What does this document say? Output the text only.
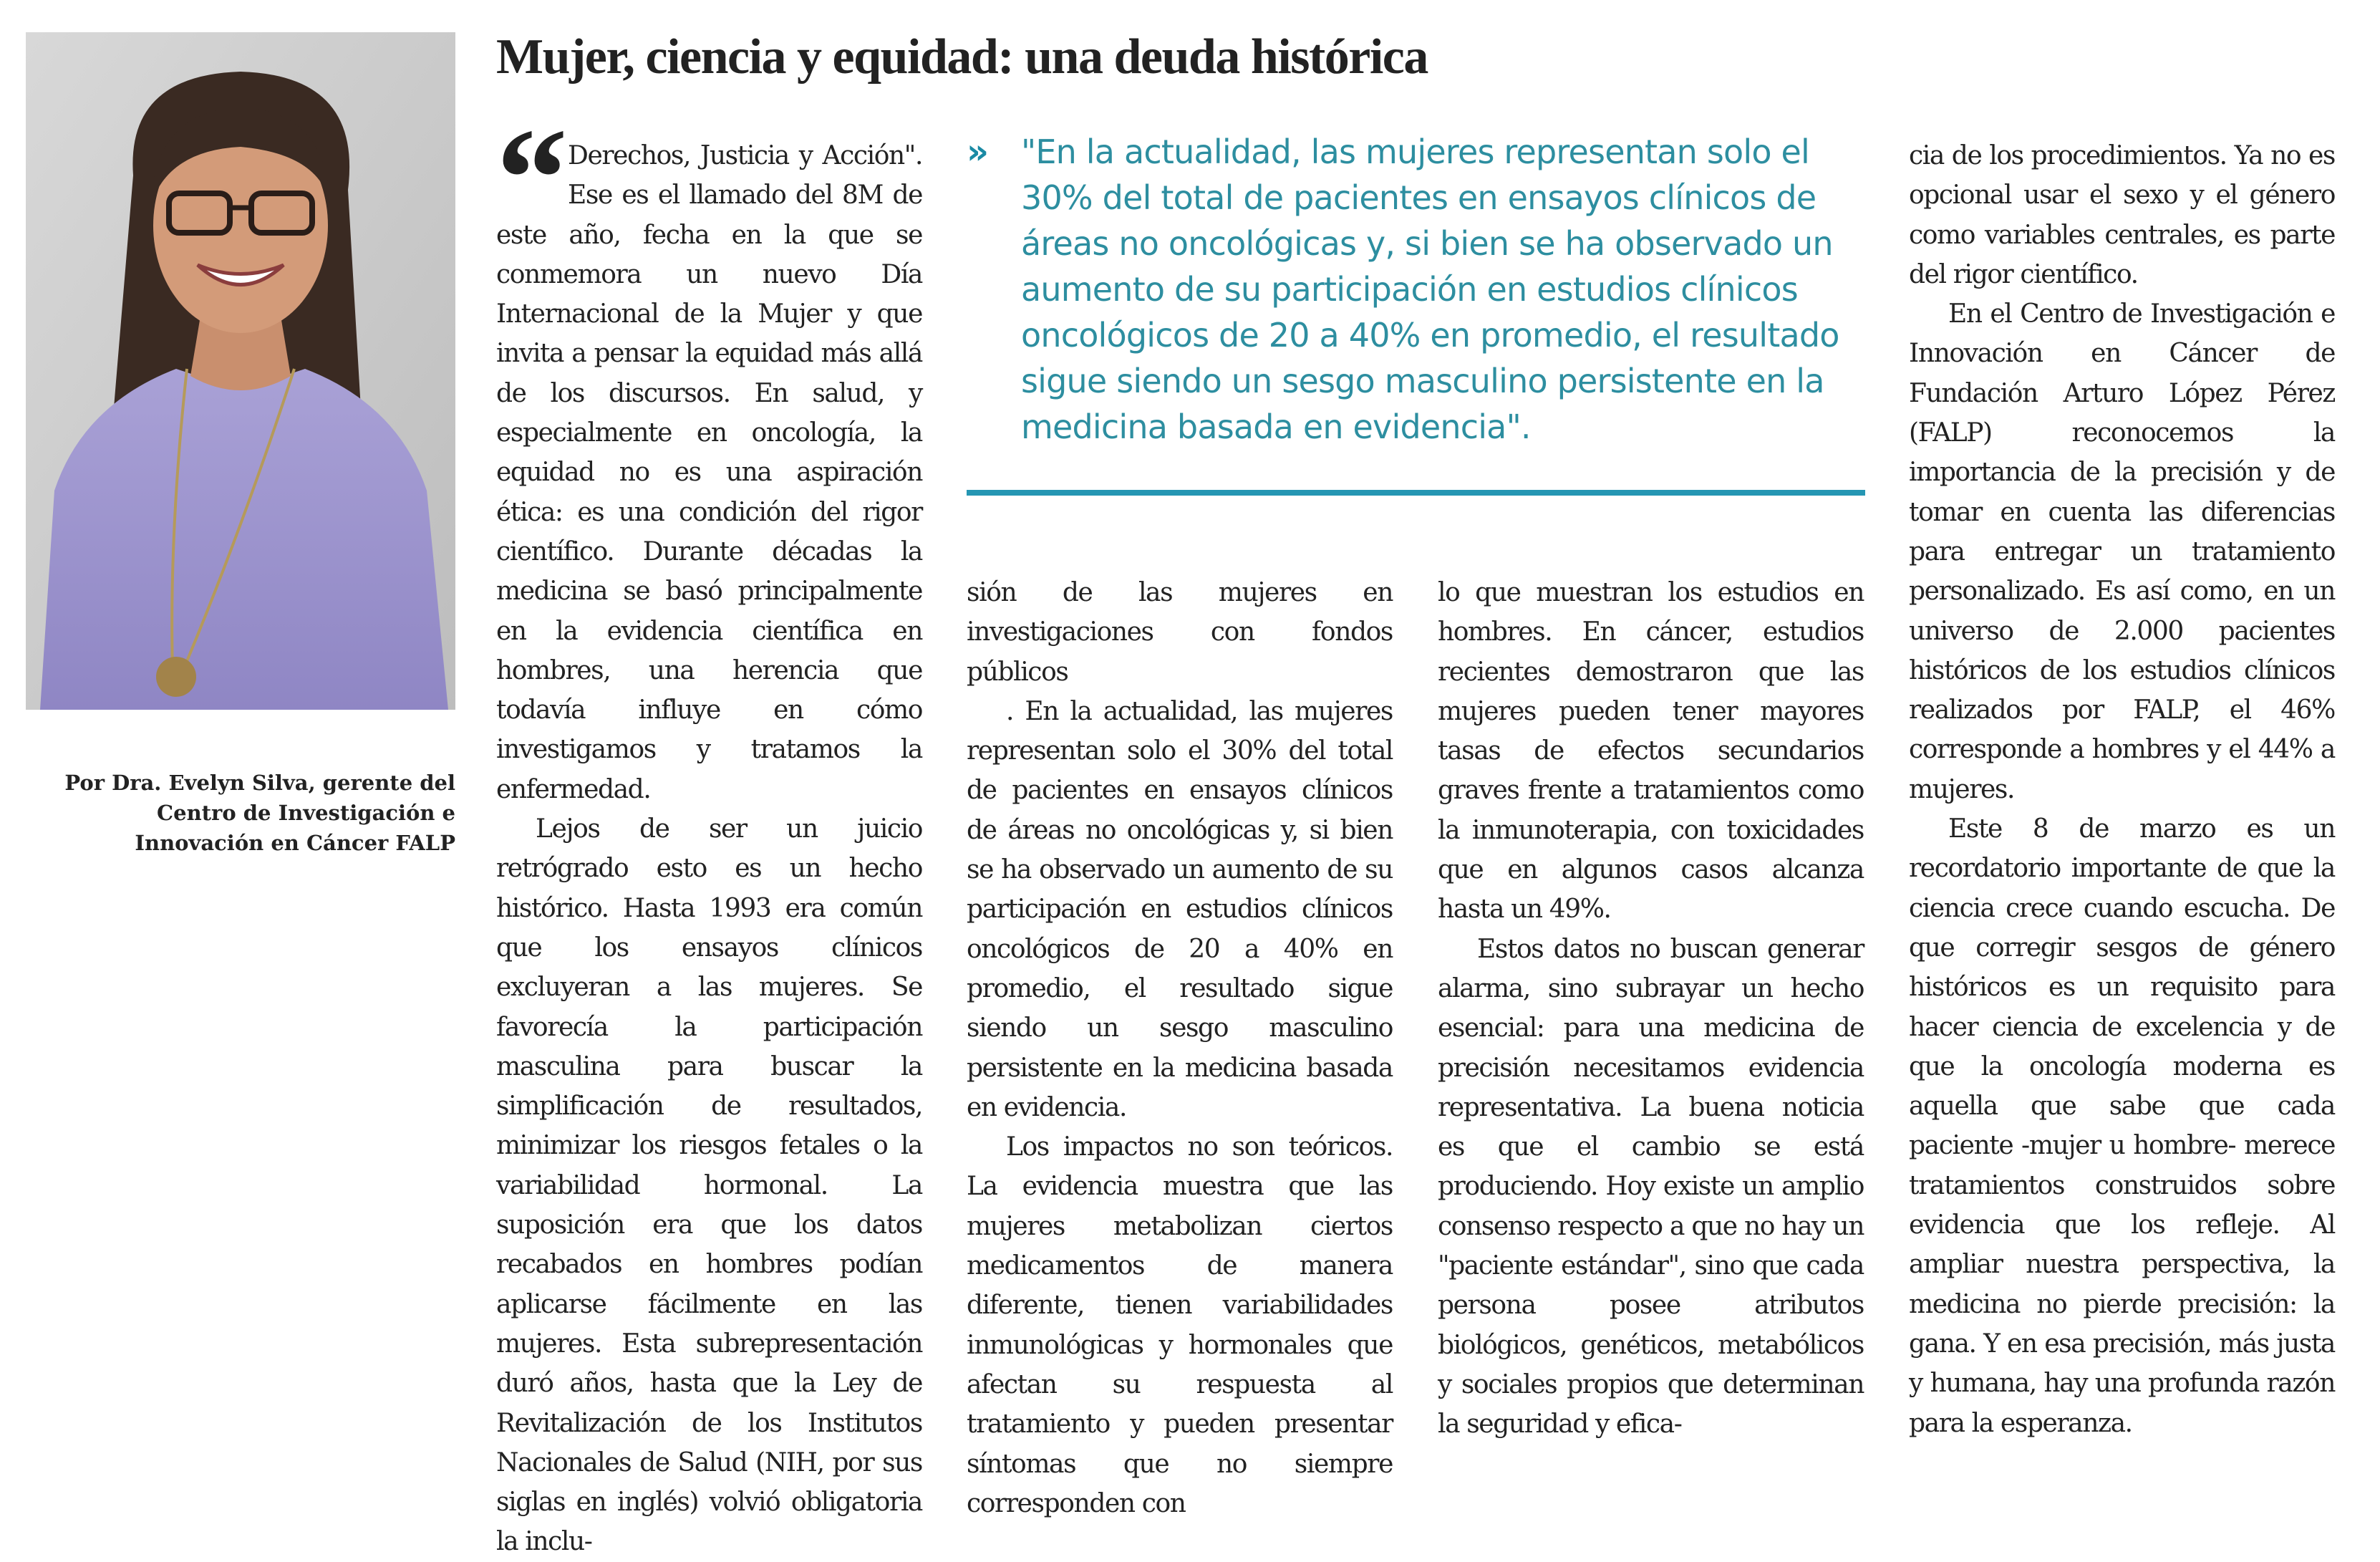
Mujer, ciencia y equidad: una deuda histórica
Por Dra. Evelyn Silva, gerente del Centro de Investigación e Innovación en Cáncer FALP
“ Derechos, Justicia y Acción". Ese es el llamado del 8M de este año, fecha en la que se conmemora un nuevo Día Internacional de la Mujer y que invita a pensar la equidad más allá de los discursos. En salud, y especialmente en oncología, la equidad no es una aspiración ética: es una condición del rigor científico. Durante décadas la medicina se basó principalmente en la evidencia científica en hombres, una herencia que todavía influye en cómo investigamos y tratamos la enfermedad.

Lejos de ser un juicio retrógrado esto es un hecho histórico. Hasta 1993 era común que los ensayos clínicos excluyeran a las mujeres. Se favorecía la participación masculina para buscar la simplificación de resultados, minimizar los riesgos fetales o la variabilidad hormonal. La suposición era que los datos recabados en hombres podían aplicarse fácilmente en las mujeres. Esta subrepresentación duró años, hasta que la Ley de Revitalización de los Institutos Nacionales de Salud (NIH, por sus siglas en inglés) volvió obligatoria la inclu-

»	"En la actualidad, las mujeres representan solo el 30% del total de pacientes en ensayos clínicos de áreas no oncológicas y, si bien se ha observado un aumento de su participación en estudios clínicos oncológicos de 20 a 40% en promedio, el resultado sigue siendo un sesgo masculino persistente en la medicina basada en evidencia".

sión de las mujeres en investigaciones con fondos públicos

. En la actualidad, las mujeres representan solo el 30% del total de pacientes en ensayos clínicos de áreas no oncológicas y, si bien se ha observado un aumento de su participación en estudios clínicos oncológicos de 20 a 40% en promedio, el resultado sigue siendo un sesgo masculino persistente en la medicina basada en evidencia.

Los impactos no son teóricos. La evidencia muestra que las mujeres metabolizan ciertos medicamentos de manera diferente, tienen variabilidades inmunológicas y hormonales que afectan su respuesta al tratamiento y pueden presentar síntomas que no siempre corresponden con

lo que muestran los estudios en hombres. En cáncer, estudios recientes demostraron que las mujeres pueden tener mayores tasas de efectos secundarios graves frente a tratamientos como la inmunoterapia, con toxicidades que en algunos casos alcanza hasta un 49%.

Estos datos no buscan generar alarma, sino subrayar un hecho esencial: para una medicina de precisión necesitamos evidencia representativa. La buena noticia es que el cambio se está produciendo. Hoy existe un amplio consenso respecto a que no hay un "paciente estándar", sino que cada persona posee atributos biológicos, genéticos, metabólicos y sociales propios que determinan la seguridad y efica-

cia de los procedimientos. Ya no es opcional usar el sexo y el género como variables centrales, es parte del rigor científico.

En el Centro de Investigación e Innovación en Cáncer de Fundación Arturo López Pérez (FALP) reconocemos la importancia de la precisión y de tomar en cuenta las diferencias para entregar un tratamiento personalizado. Es así como, en un universo de 2.000 pacientes históricos de los estudios clínicos realizados por FALP, el 46% corresponde a hombres y el 44% a mujeres.

Este 8 de marzo es un recordatorio importante de que la ciencia crece cuando escucha. De que corregir sesgos de género históricos es un requisito para hacer ciencia de excelencia y de que la oncología moderna es aquella que sabe que cada paciente -mujer u hombre- merece tratamientos construidos sobre evidencia que los refleje. Al ampliar nuestra perspectiva, la medicina no pierde precisión: la gana. Y en esa precisión, más justa y humana, hay una profunda razón para la esperanza.
